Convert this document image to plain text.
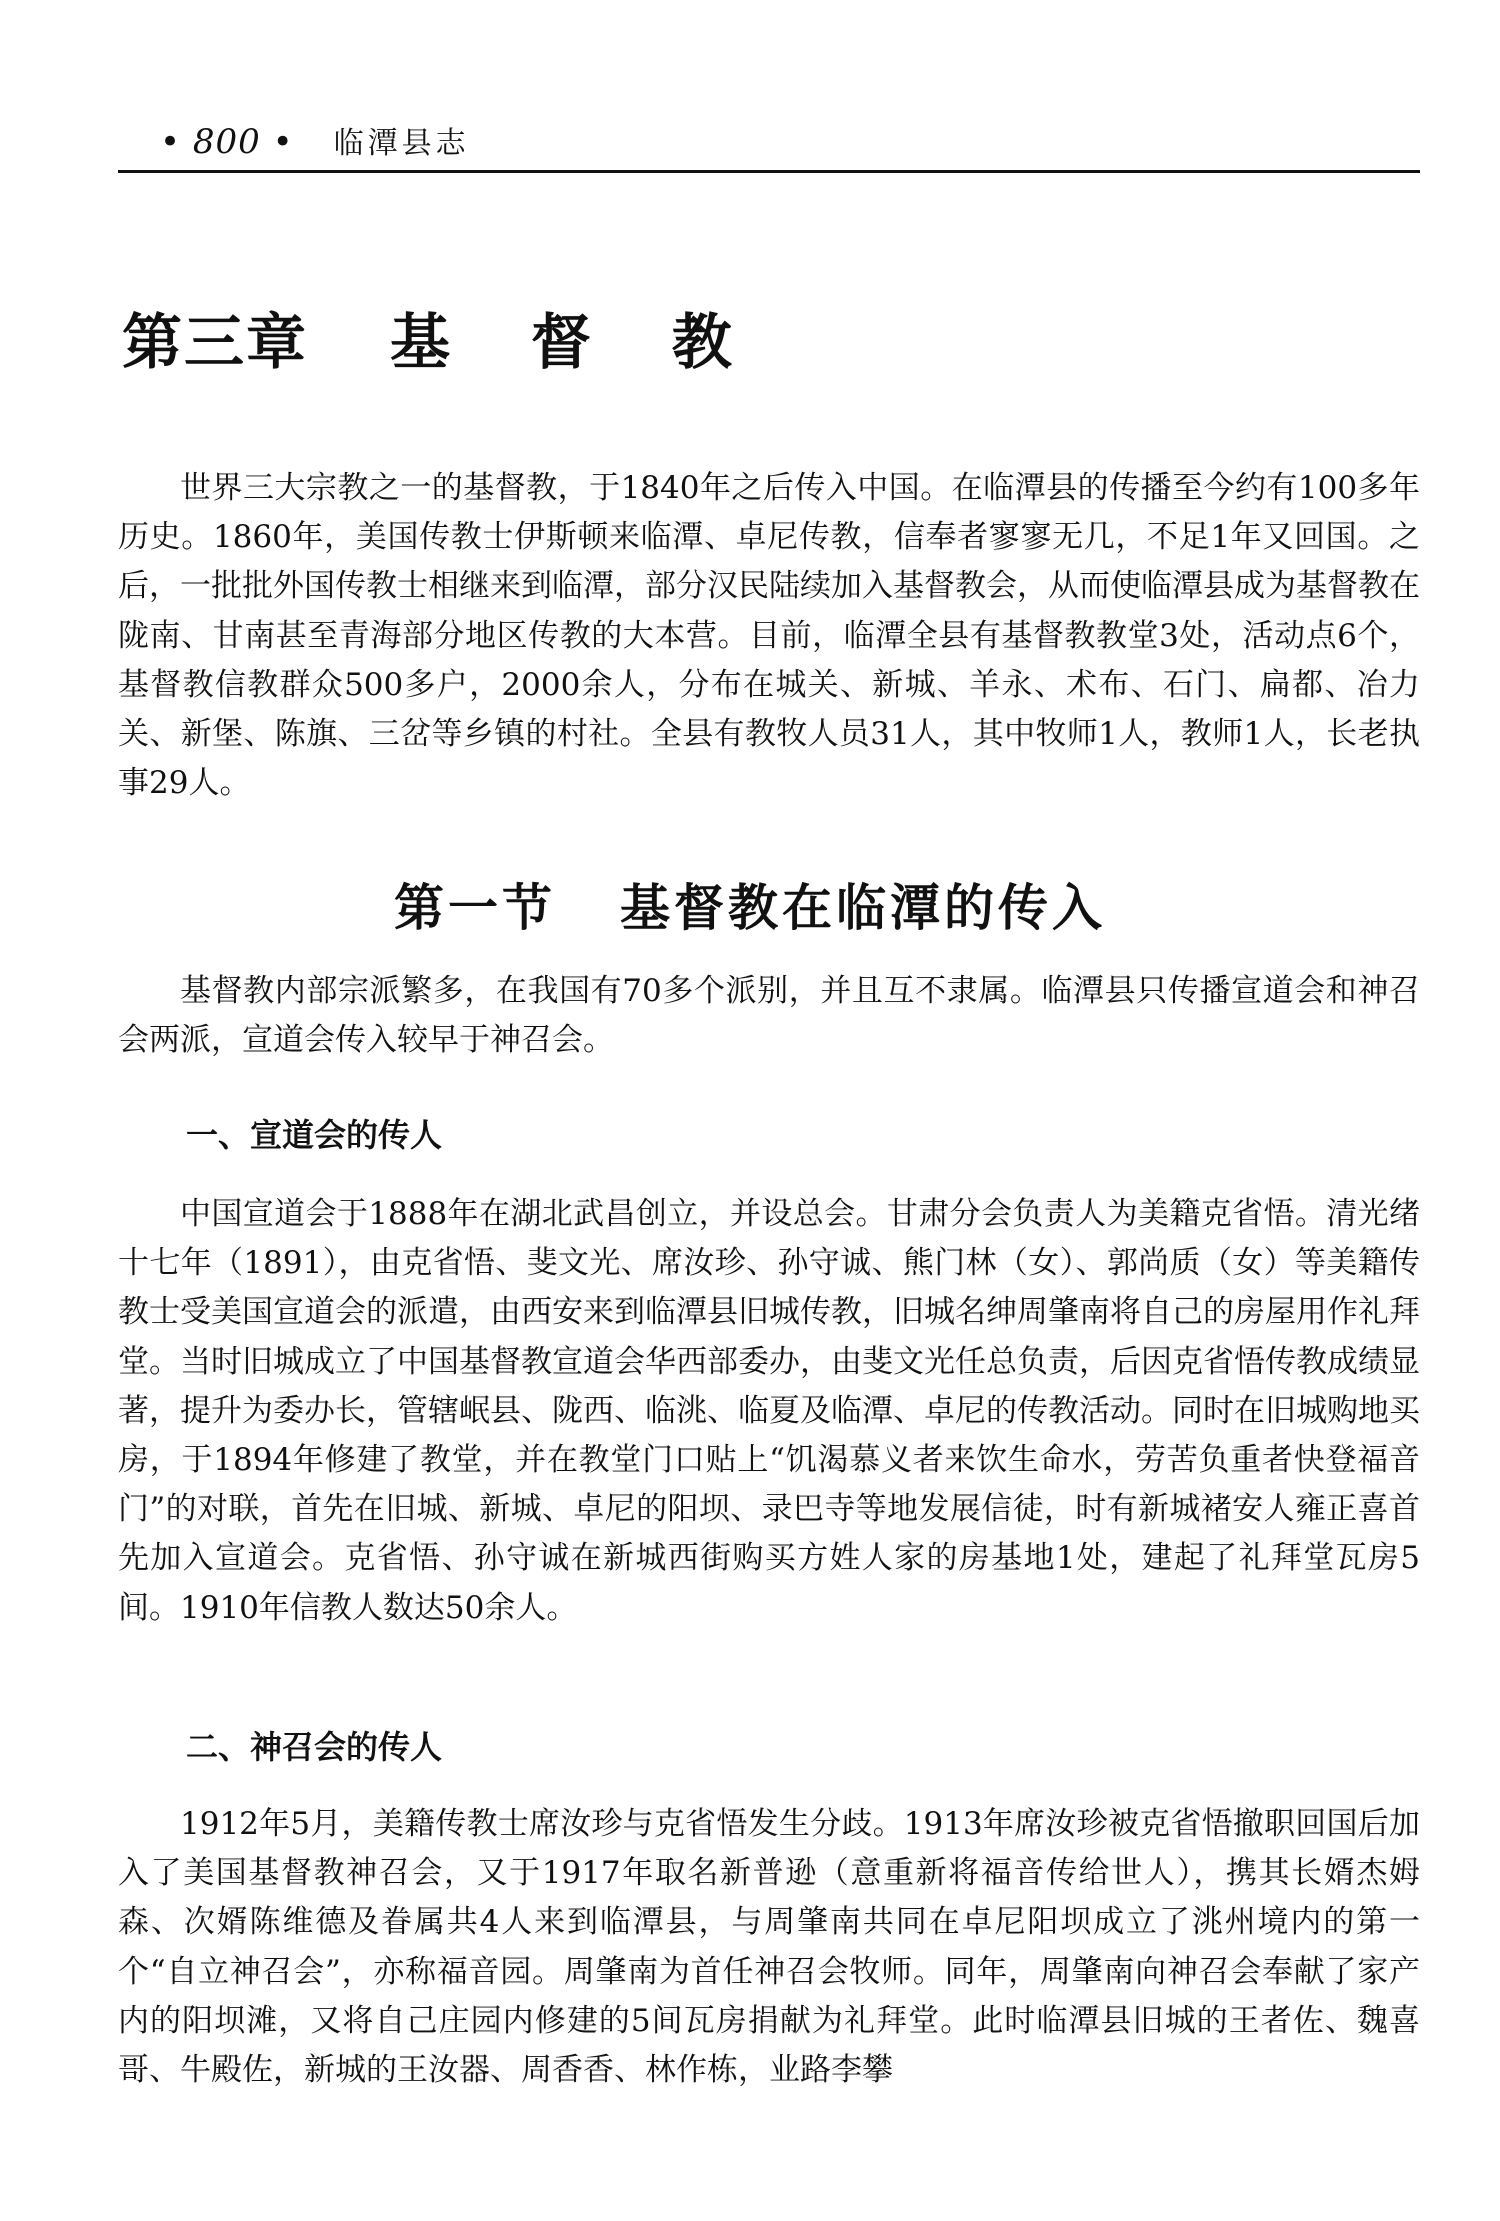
• 800 • 临潭县志
第三章 基 督 教

世界三大宗教之一的基督教，于1840年之后传入中国。在临潭县的传播至今约有100多年历史。1860年，美国传教士伊斯顿来临潭、卓尼传教，信奉者寥寥无几，不足1年又回国。之后，一批批外国传教士相继来到临潭，部分汉民陆续加入基督教会，从而使临潭县成为基督教在陇南、甘南甚至青海部分地区传教的大本营。目前，临潭全县有基督教教堂3处，活动点6个，基督教信教群众500多户，2000余人，分布在城关、新城、羊永、术布、石门、扁都、冶力关、新堡、陈旗、三岔等乡镇的村社。全县有教牧人员31人，其中牧师1人，教师1人，长老执事29人。

第一节 基督教在临潭的传入

基督教内部宗派繁多，在我国有70多个派别，并且互不隶属。临潭县只传播宣道会和神召会两派，宣道会传入较早于神召会。

一、宣道会的传人

中国宣道会于1888年在湖北武昌创立，并设总会。甘肃分会负责人为美籍克省悟。清光绪十七年（1891），由克省悟、斐文光、席汝珍、孙守诚、熊门林（女）、郭尚质（女）等美籍传教士受美国宣道会的派遣，由西安来到临潭县旧城传教，旧城名绅周肇南将自己的房屋用作礼拜堂。当时旧城成立了中国基督教宣道会华西部委办，由斐文光任总负责，后因克省悟传教成绩显著，提升为委办长，管辖岷县、陇西、临洮、临夏及临潭、卓尼的传教活动。同时在旧城购地买房，于1894年修建了教堂，并在教堂门口贴上“饥渴慕义者来饮生命水，劳苦负重者快登福音门”的对联，首先在旧城、新城、卓尼的阳坝、录巴寺等地发展信徒，时有新城褚安人雍正喜首先加入宣道会。克省悟、孙守诚在新城西街购买方姓人家的房基地1处，建起了礼拜堂瓦房5间。1910年信教人数达50余人。

二、神召会的传人

1912年5月，美籍传教士席汝珍与克省悟发生分歧。1913年席汝珍被克省悟撤职回国后加入了美国基督教神召会，又于1917年取名新普逊（意重新将福音传给世人），携其长婿杰姆森、次婿陈维德及眷属共4人来到临潭县，与周肇南共同在卓尼阳坝成立了洮州境内的第一个“自立神召会”，亦称福音园。周肇南为首任神召会牧师。同年，周肇南向神召会奉献了家产内的阳坝滩，又将自己庄园内修建的5间瓦房捐献为礼拜堂。此时临潭县旧城的王者佐、魏喜哥、牛殿佐，新城的王汝器、周香香、林作栋，业路李攀
